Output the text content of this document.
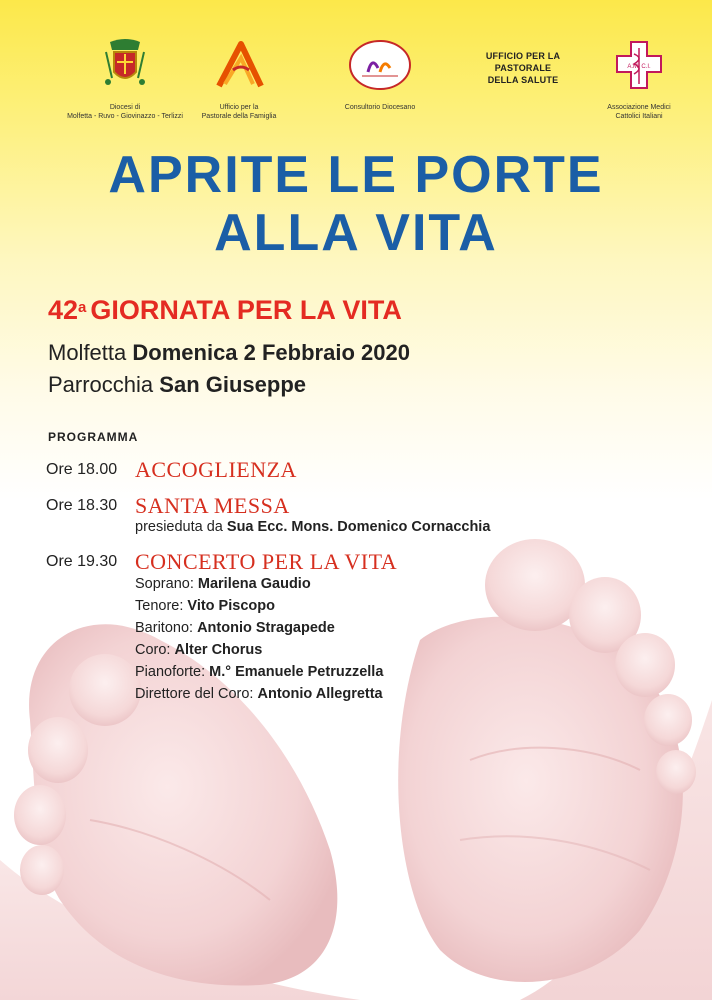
Diocesi di
Molfetta - Ruvo - Giovinazzo - Terlizzi
Ufficio per la
Pastorale della Famiglia
Consultorio Diocesano
UFFICIO PER LA
PASTORALE
DELLA SALUTE
A.M. C.I.
Associazione Medici
Cattolici Italiani
APRITE LE PORTE
ALLA VITA
42$^a$ GIORNATA PER LA VITA
Molfetta Domenica 2 Febbraio 2020
Parrocchia San Giuseppe
PROGRAMMA
Ore 18.00 ACCOGLIENZA
Ore 18.30 SANTA MESSA
presieduta da Sua Ecc. Mons. Domenico Cornacchia
Ore 19.30 CONCERTO PER LA VITA
Soprano: Marilena Gaudio
Tenore: Vito Piscopo
Baritono: Antonio Stragapede
Coro: Alter Chorus
Pianoforte: M.° Emanuele Petruzzella
Direttore del Coro: Antonio Allegretta
